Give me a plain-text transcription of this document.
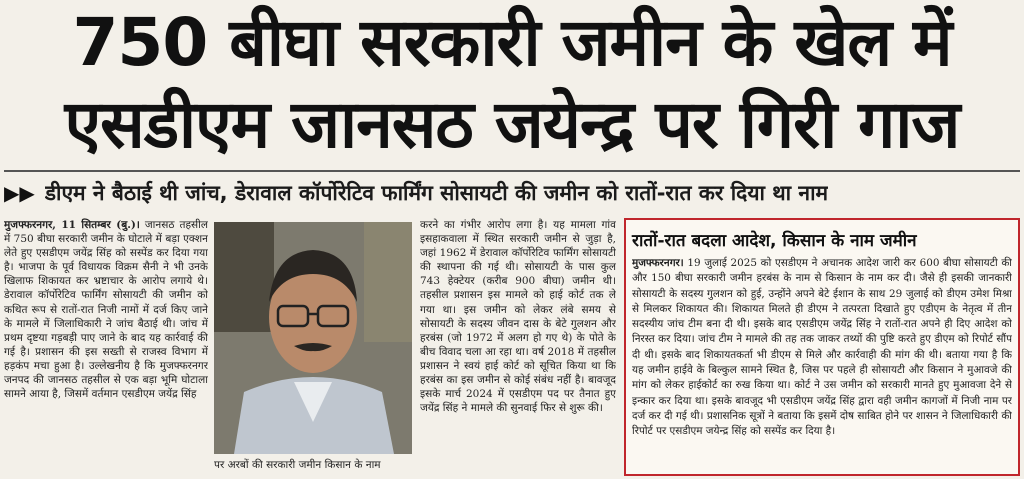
750 बीघा सरकारी जमीन के खेल में
एसडीएम जानसठ जयेन्द्र पर गिरी गाज
▶▶ डीएम ने बैठाई थी जांच, डेरावाल कॉर्पोरेटिव फार्मिंग सोसायटी की जमीन को रातों-रात कर दिया था नाम
मुजफ्फरनगर, 11 सितम्बर (बु.)। जानसठ तहसील में 750 बीघा सरकारी जमीन के घोटाले में बड़ा एक्शन लेते हुए एसडीएम जयेंद्र सिंह को सस्पेंड कर दिया गया है। भाजपा के पूर्व विधायक विक्रम सैनी ने भी उनके खिलाफ शिकायत कर भ्रष्टाचार के आरोप लगाये थे। डेरावाल कॉर्पोरेटिव फार्मिंग सोसायटी की जमीन को कथित रूप से रातों-रात निजी नामों में दर्ज किए जाने के मामले में जिलाधिकारी ने जांच बैठाई थी। जांच में प्रथम दृष्टया गड़बड़ी पाए जाने के बाद यह कार्रवाई की गई है। प्रशासन की इस सख्ती से राजस्व विभाग में हड़कंप मचा हुआ है। उल्लेखनीय है कि मुजफ्फरनगर जनपद की जानसठ तहसील से एक बड़ा भूमि घोटाला सामने आया है, जिसमें वर्तमान एसडीएम जयेंद्र सिंह
पर अरबों की सरकारी जमीन किसान के नाम
करने का गंभीर आरोप लगा है। यह मामला गांव इसहाकवाला में स्थित सरकारी जमीन से जुड़ा है, जहां 1962 में डेरावाल कॉर्पोरेटिव फार्मिंग सोसायटी की स्थापना की गई थी। सोसायटी के पास कुल 743 हेक्टेयर (करीब 900 बीघा) जमीन थी। तहसील प्रशासन इस मामले को हाई कोर्ट तक ले गया था। इस जमीन को लेकर लंबे समय से सोसायटी के सदस्य जीवन दास के बेटे गुलशन और हरबंस (जो 1972 में अलग हो गए थे) के पोते के बीच विवाद चला आ रहा था। वर्ष 2018 में तहसील प्रशासन ने स्वयं हाई कोर्ट को सूचित किया था कि हरबंस का इस जमीन से कोई संबंध नहीं है। बावजूद इसके मार्च 2024 में एसडीएम पद पर तैनात हुए जयेंद्र सिंह ने मामले की सुनवाई फिर से शुरू की।
रातों-रात बदला आदेश, किसान के नाम जमीन
मुजफ्फरनगर। 19 जुलाई 2025 को एसडीएम ने अचानक आदेश जारी कर 600 बीघा सोसायटी की और 150 बीघा सरकारी जमीन हरबंस के नाम से किसान के नाम कर दी। जैसे ही इसकी जानकारी सोसायटी के सदस्य गुलशन को हुई, उन्होंने अपने बेटे ईशान के साथ 29 जुलाई को डीएम उमेश मिश्रा से मिलकर शिकायत की। शिकायत मिलते ही डीएम ने तत्परता दिखाते हुए एडीएम के नेतृत्व में तीन सदस्यीय जांच टीम बना दी थी। इसके बाद एसडीएम जयेंद्र सिंह ने रातों-रात अपने ही दिए आदेश को निरस्त कर दिया। जांच टीम ने मामले की तह तक जाकर तथ्यों की पुष्टि करते हुए डीएम को रिपोर्ट सौंप दी थी। इसके बाद शिकायतकर्ता भी डीएम से मिले और कार्रवाही की मांग की थी। बताया गया है कि यह जमीन हाईवे के बिल्कुल सामने स्थित है, जिस पर पहले ही सोसायटी और किसान ने मुआवजे की मांग को लेकर हाईकोर्ट का रुख किया था। कोर्ट ने उस जमीन को सरकारी मानते हुए मुआवजा देने से इन्कार कर दिया था। इसके बावजूद भी एसडीएम जयेंद्र सिंह द्वारा वही जमीन कागजों में निजी नाम पर दर्ज कर दी गई थी। प्रशासनिक सूत्रों ने बताया कि इसमें दोष साबित होने पर शासन ने जिलाधिकारी की रिपोर्ट पर एसडीएम जयेन्द्र सिंह को सस्पेंड कर दिया है।
